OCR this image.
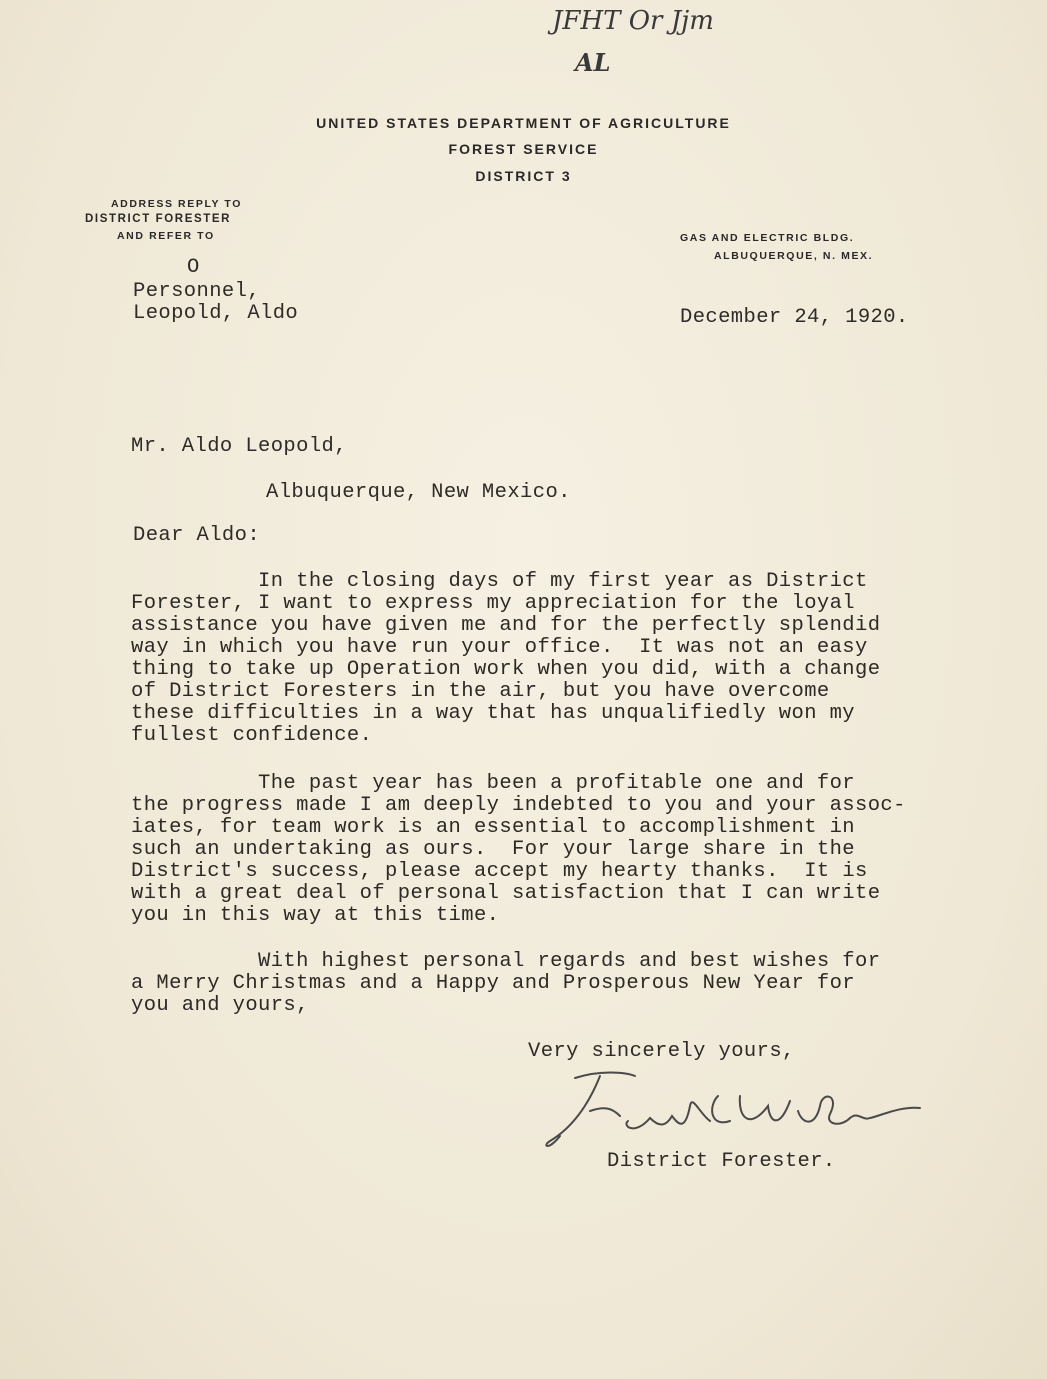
JFHT Or Jjm
AL
UNITED STATES DEPARTMENT OF AGRICULTURE
FOREST SERVICE
DISTRICT 3
ADDRESS REPLY TO
DISTRICT FORESTER
AND REFER TO	GAS AND ELECTRIC BLDG.
ALBUQUERQUE, N. MEX.
O
Personnel,
Leopold, Aldo	December 24, 1920.
Mr. Aldo Leopold,
Albuquerque, New Mexico.
Dear Aldo:
In the closing days of my first year as District
Forester, I want to express my appreciation for the loyal
assistance you have given me and for the perfectly splendid
way in which you have run your office.  It was not an easy
thing to take up Operation work when you did, with a change
of District Foresters in the air, but you have overcome
these difficulties in a way that has unqualifiedly won my
fullest confidence.
The past year has been a profitable one and for
the progress made I am deeply indebted to you and your assoc-
iates, for team work is an essential to accomplishment in
such an undertaking as ours.  For your large share in the
District's success, please accept my hearty thanks.  It is
with a great deal of personal satisfaction that I can write
you in this way at this time.
With highest personal regards and best wishes for
a Merry Christmas and a Happy and Prosperous New Year for
you and yours,
Very sincerely yours,
District Forester.
